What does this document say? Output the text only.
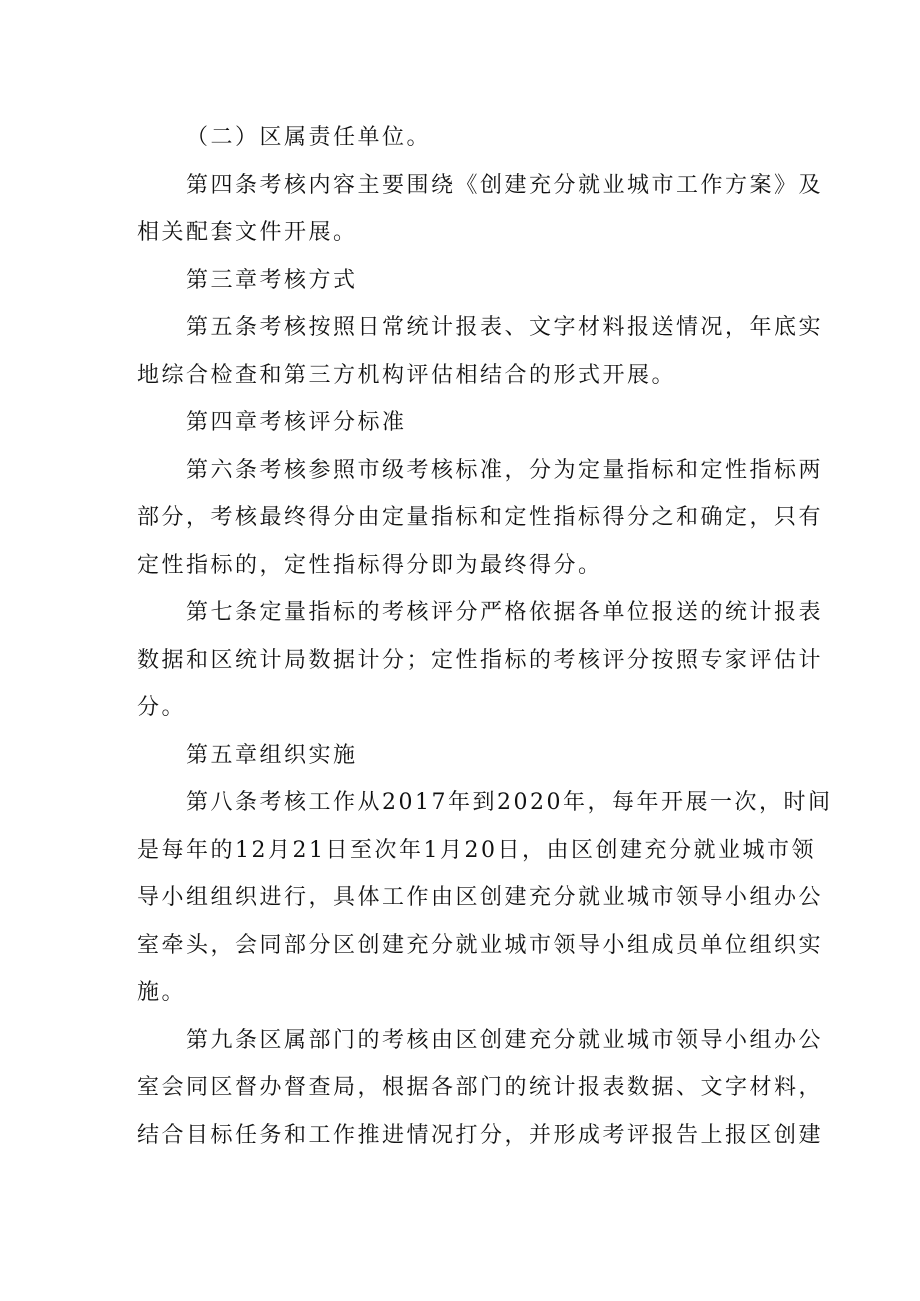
（二）区属责任单位。

第四条考核内容主要围绕《创建充分就业城市工作方案》及
相关配套文件开展。

第三章考核方式

第五条考核按照日常统计报表、文字材料报送情况，年底实
地综合检查和第三方机构评估相结合的形式开展。

第四章考核评分标准

第六条考核参照市级考核标准，分为定量指标和定性指标两
部分，考核最终得分由定量指标和定性指标得分之和确定，只有
定性指标的，定性指标得分即为最终得分。

第七条定量指标的考核评分严格依据各单位报送的统计报表
数据和区统计局数据计分；定性指标的考核评分按照专家评估计
分。

第五章组织实施

第八条考核工作从2017年到2020年，每年开展一次，时间
是每年的12月21日至次年1月20日，由区创建充分就业城市领
导小组组织进行，具体工作由区创建充分就业城市领导小组办公
室牵头，会同部分区创建充分就业城市领导小组成员单位组织实
施。

第九条区属部门的考核由区创建充分就业城市领导小组办公
室会同区督办督查局，根据各部门的统计报表数据、文字材料，
结合目标任务和工作推进情况打分，并形成考评报告上报区创建
